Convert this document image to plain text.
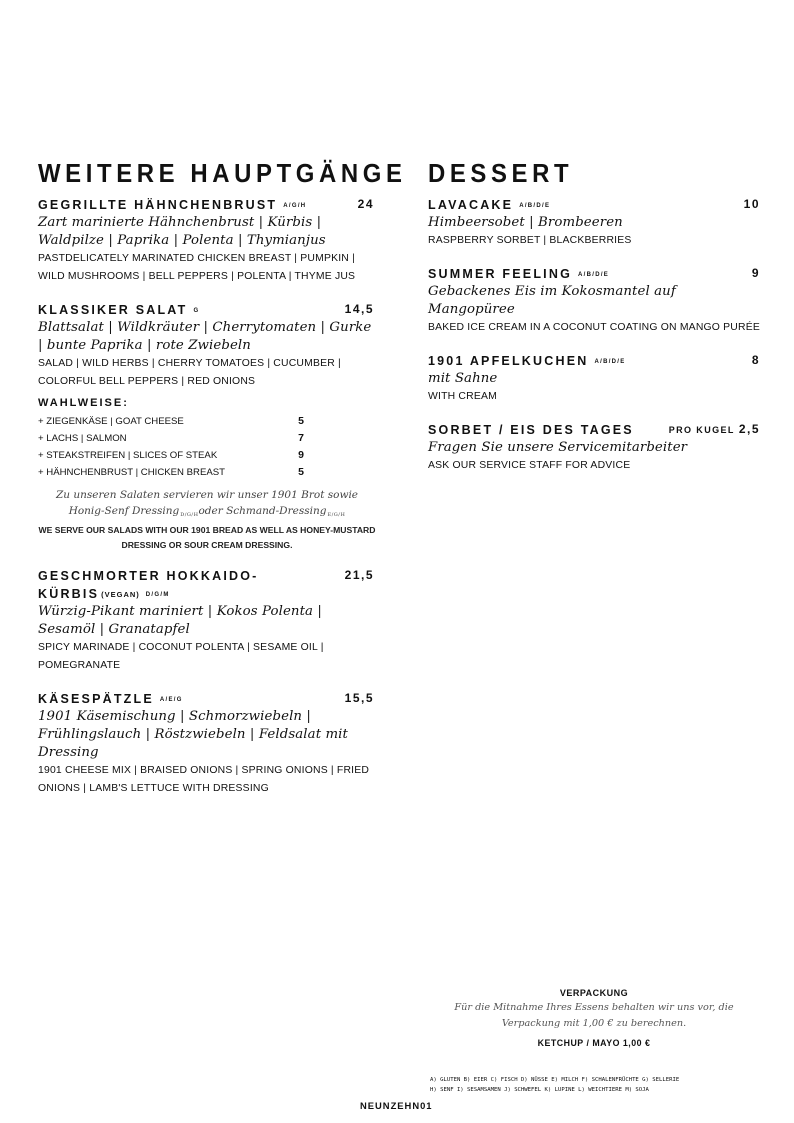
WEITERE HAUPTGÄNGE
GEGRILLTE HÄHNCHENBRUST A/G/H	24
Zart marinierte Hähnchenbrust | Kürbis | Waldpilze | Paprika | Polenta | Thymianjus
PASTDELICATELY MARINATED CHICKEN BREAST | PUMPKIN | WILD MUSHROOMS | BELL PEPPERS | POLENTA | THYME JUS
KLASSIKER SALAT G	14,5
Blattsalat | Wildkräuter | Cherrytomaten | Gurke | bunte Paprika | rote Zwiebeln
SALAD | WILD HERBS | CHERRY TOMATOES | CUCUMBER | COLORFUL BELL PEPPERS | RED ONIONS
WAHLWEISE:
+ ZIEGENKÄSE | GOAT CHEESE	5
+ LACHS | SALMON	7
+ STEAKSTREIFEN | SLICES OF STEAK	9
+ HÄHNCHENBRUST | CHICKEN BREAST	5
Zu unseren Salaten servieren wir unser 1901 Brot sowie Honig-Senf Dressing$_{D/G/H}$oder Schmand-Dressing$_{E/G/H}$
WE SERVE OUR SALADS WITH OUR 1901 BREAD AS WELL AS HONEY-MUSTARD DRESSING OR SOUR CREAM DRESSING.
GESCHMORTER HOKKAIDO-KÜRBIS (VEGAN) D/G/M
21,5
Würzig-Pikant mariniert | Kokos Polenta | Sesamöl | Granatapfel
SPICY MARINADE | COCONUT POLENTA | SESAME OIL | POMEGRANATE
KÄSESPÄTZLE A/E/G	15,5
1901 Käsemischung | Schmorzwiebeln | Frühlingslauch | Röstzwiebeln | Feldsalat mit Dressing
1901 CHEESE MIX | BRAISED ONIONS | SPRING ONIONS | FRIED ONIONS | LAMB'S LETTUCE WITH DRESSING
DESSERT
LAVACAKE A/B/D/E	10
Himbeersobet | Brombeeren
RASPBERRY SORBET | BLACKBERRIES
SUMMER FEELING A/B/D/E	9
Gebackenes Eis im Kokosmantel auf Mangopüree
BAKED ICE CREAM IN A COCONUT COATING ON MANGO PURÉE
1901 APFELKUCHEN A/B/D/E	8
mit Sahne
WITH CREAM
SORBET / EIS DES TAGES	PRO KUGEL 2,5
Fragen Sie unsere Servicemitarbeiter
ASK OUR SERVICE STAFF FOR ADVICE
VERPACKUNG
Für die Mitnahme Ihres Essens behalten wir uns vor, die Verpackung mit 1,00 € zu berechnen.
KETCHUP / MAYO 1,00 €
A) GLUTEN B) EIER C) FISCH D) NÜSSE E) MILCH F) SCHALENFRÜCHTE G) SELLERIE
H) SENF I) SESAMSAMEN J) SCHWEFEL K) LUPINE L) WEICHTIERE M) SOJA
NEUNZEHN01
